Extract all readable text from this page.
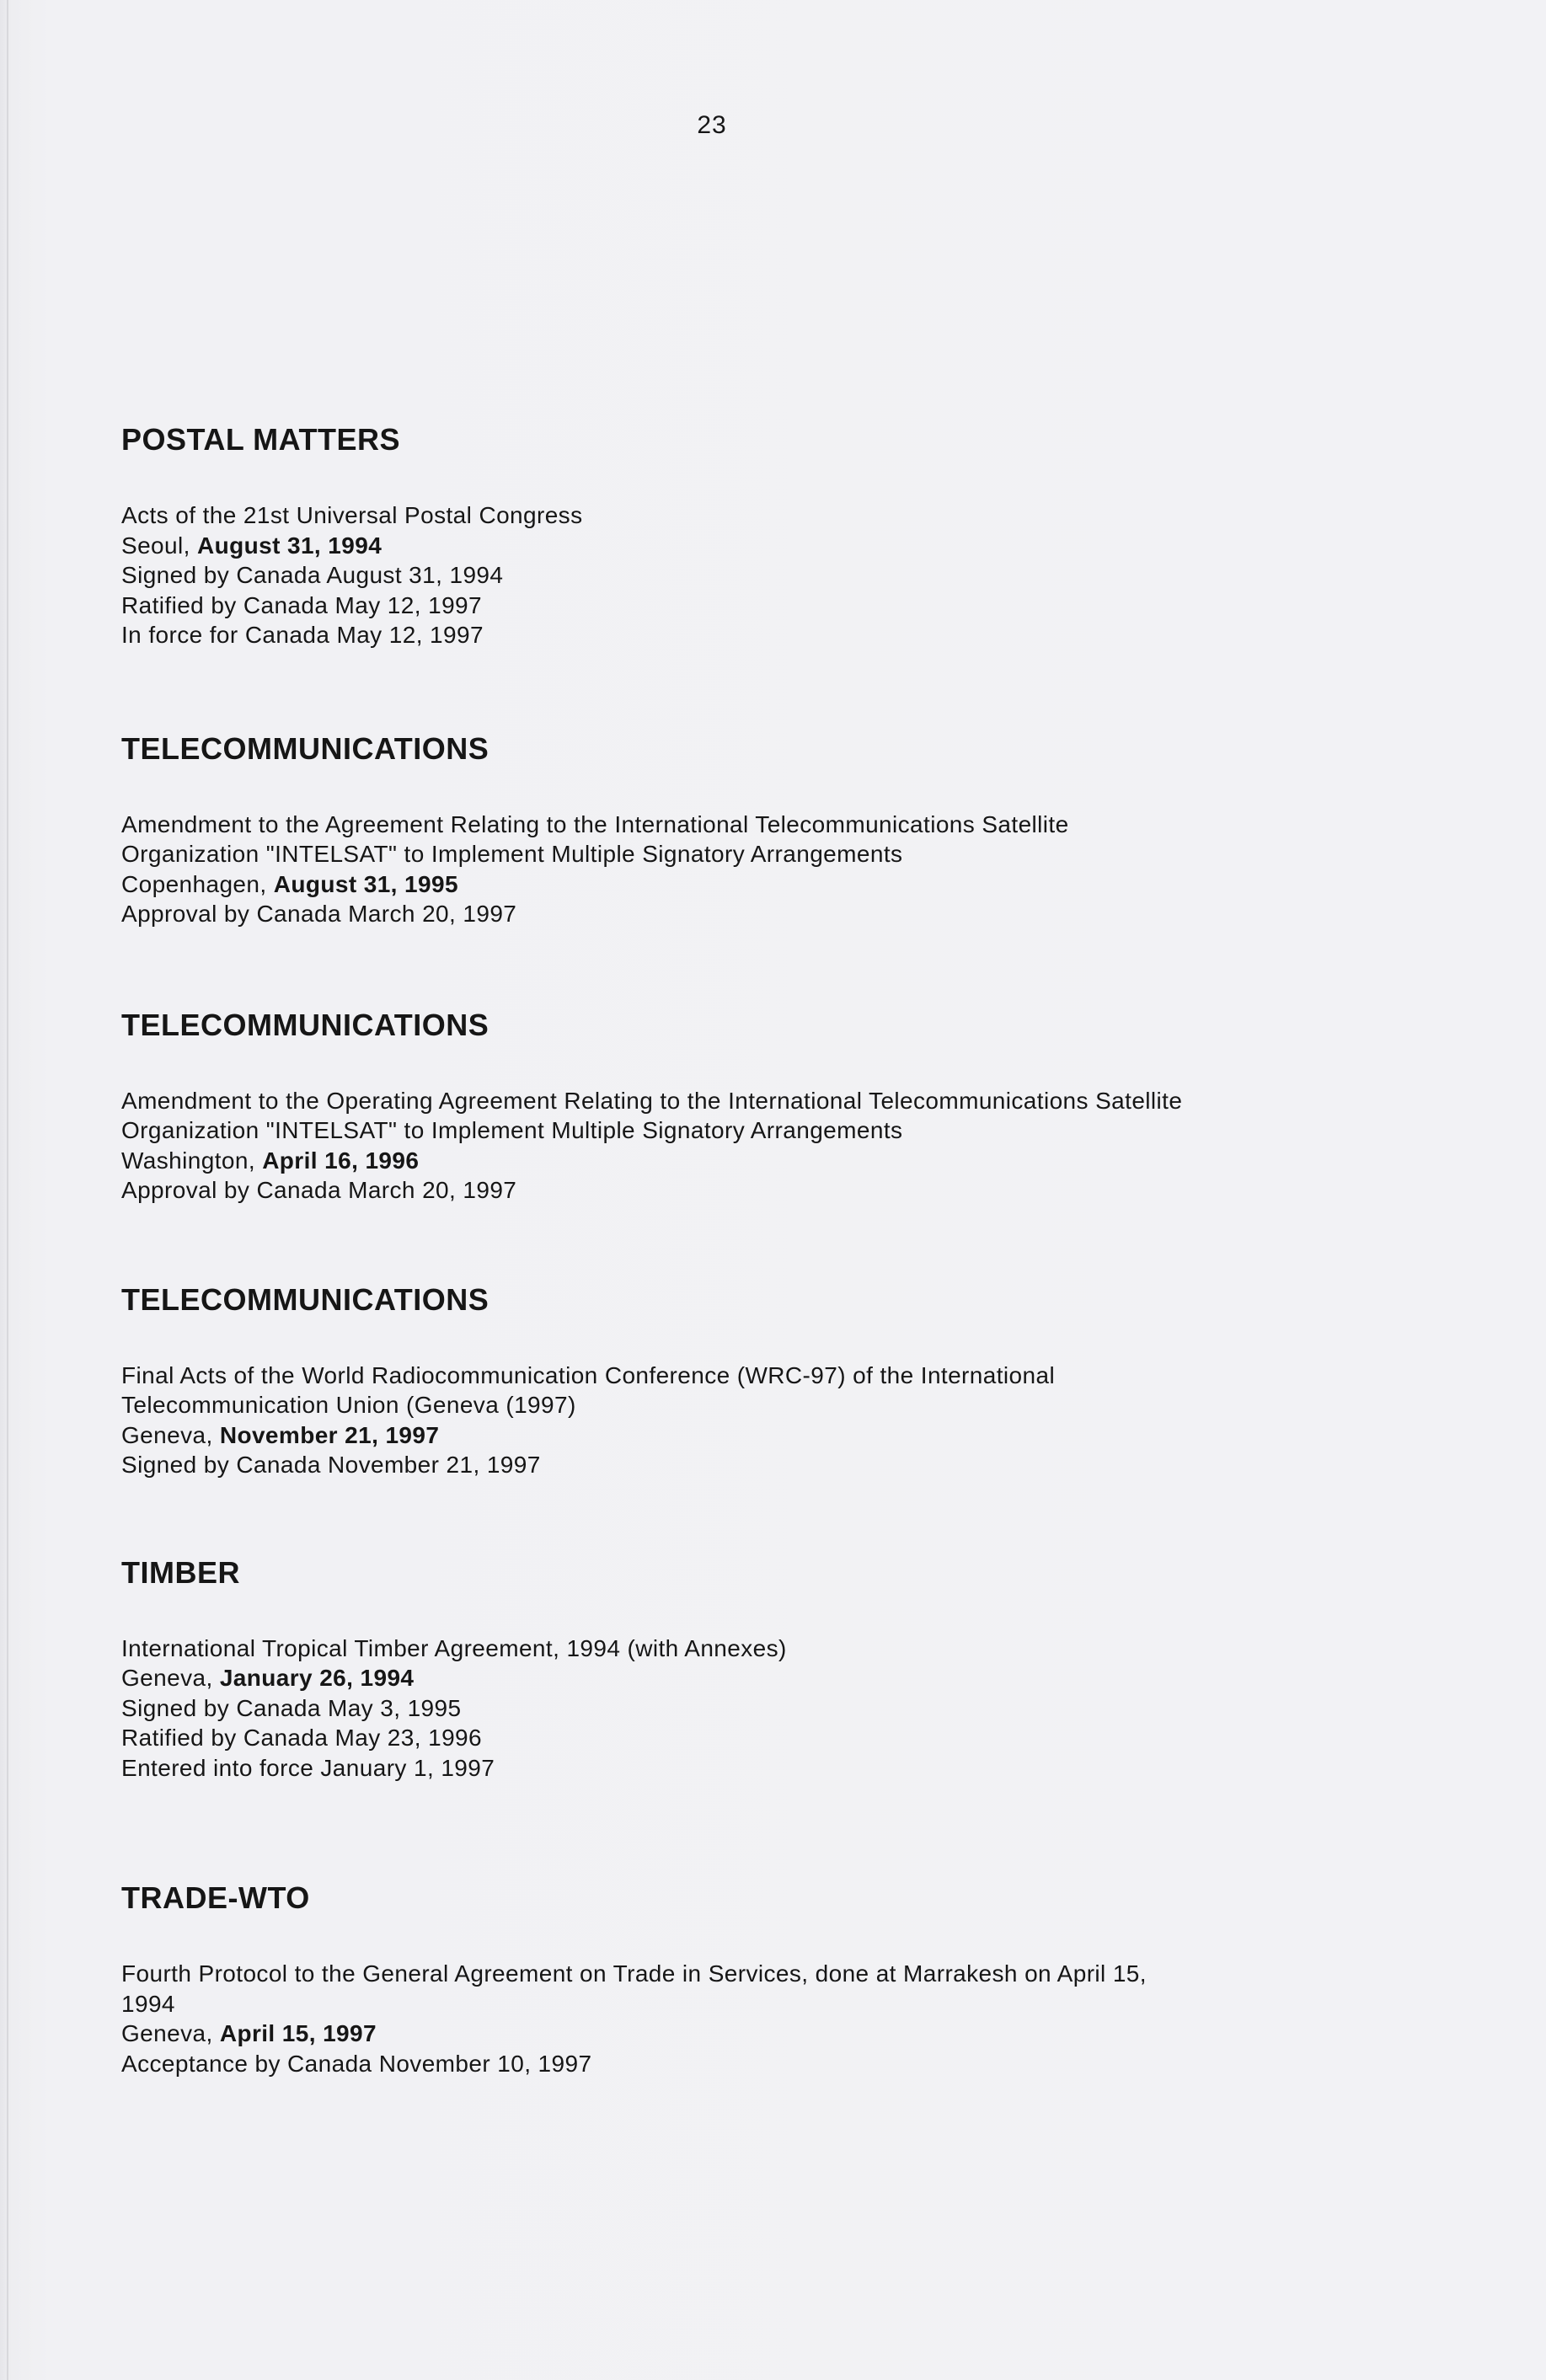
23
POSTAL MATTERS
Acts of the 21st Universal Postal Congress
Seoul, August 31, 1994
Signed by Canada August 31, 1994
Ratified by Canada May 12, 1997
In force for Canada May 12, 1997
TELECOMMUNICATIONS
Amendment to the Agreement Relating to the International Telecommunications Satellite
Organization "INTELSAT" to Implement Multiple Signatory Arrangements
Copenhagen, August 31, 1995
Approval by Canada March 20, 1997
TELECOMMUNICATIONS
Amendment to the Operating Agreement Relating to the International Telecommunications Satellite
Organization "INTELSAT" to Implement Multiple Signatory Arrangements
Washington, April 16, 1996
Approval by Canada March 20, 1997
TELECOMMUNICATIONS
Final Acts of the World Radiocommunication Conference (WRC-97) of the International
Telecommunication Union (Geneva (1997)
Geneva, November 21, 1997
Signed by Canada November 21, 1997
TIMBER
International Tropical Timber Agreement, 1994 (with Annexes)
Geneva, January 26, 1994
Signed by Canada May 3, 1995
Ratified by Canada May 23, 1996
Entered into force January 1, 1997
TRADE-WTO
Fourth Protocol to the General Agreement on Trade in Services, done at Marrakesh on April 15,
1994
Geneva, April 15, 1997
Acceptance by Canada November 10, 1997
